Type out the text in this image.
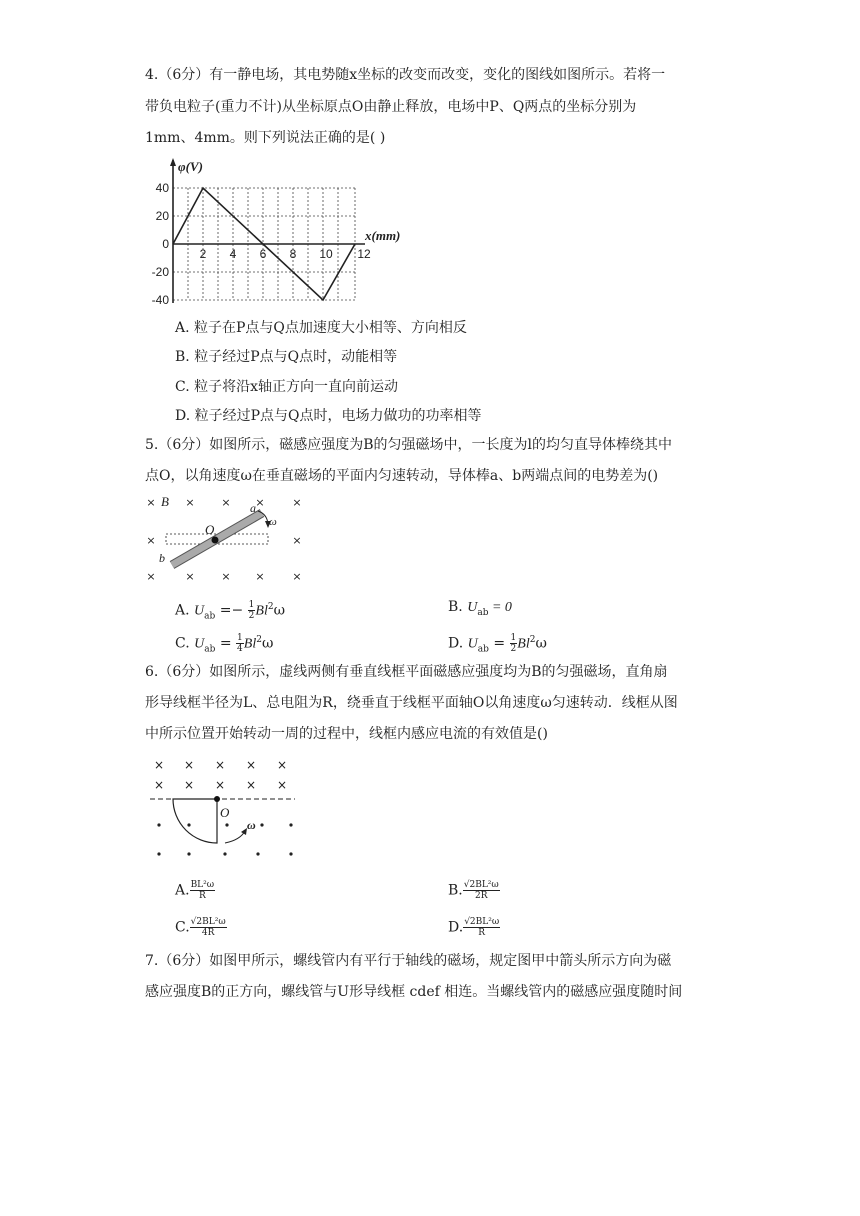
4.（6分）有一静电场，其电势随x坐标的改变而改变，变化的图线如图所示。若将一
带负电粒子(重力不计)从坐标原点O由静止释放，电场中P、Q两点的坐标分别为
1mm、4mm。则下列说法正确的是( )
φ(V)
x(mm)
40
20
0
-20
-40
2 4 6 8 10 12
A. 粒子在P点与Q点加速度大小相等、方向相反
B. 粒子经过P点与Q点时，动能相等
C. 粒子将沿x轴正方向一直向前运动
D. 粒子经过P点与Q点时，电场力做功的功率相等
5.（6分）如图所示，磁感应强度为B的匀强磁场中，一长度为l的均匀直导体棒绕其中
点O，以角速度ω在垂直磁场的平面内匀速转动，导体棒a、b两端点间的电势差为()
×	× × ×	×
×	×
×	× × ×	×
B
O
a
b
ω
A. $U_{ab} =- \frac{1}{2} Bl^2\omega$	B. $U_{ab} = 0$
C. $U_{ab} = \frac{1}{4} Bl^2\omega$	D. $U_{ab} = \frac{1}{2} Bl^2\omega$
6.（6分）如图所示，虚线两侧有垂直线框平面磁感应强度均为B的匀强磁场，直角扇
形导线框半径为L、总电阻为R，绕垂直于线框平面轴O以角速度ω匀速转动．线框从图
中所示位置开始转动一周的过程中，线框内感应电流的有效值是()
× × × × ×
× × × × ×
O
ω
A. $\frac{\text{BL²ω}}{R}$	B. $\frac{\text{√2BL²ω}}{2R}$
C. $\frac{\text{√2BL²ω}}{4R}$	D. $\frac{\text{√2BL²ω}}{R}$
7.（6分）如图甲所示，螺线管内有平行于轴线的磁场，规定图甲中箭头所示方向为磁
感应强度B的正方向，螺线管与U形导线框 cdef 相连。当螺线管内的磁感应强度随时间
